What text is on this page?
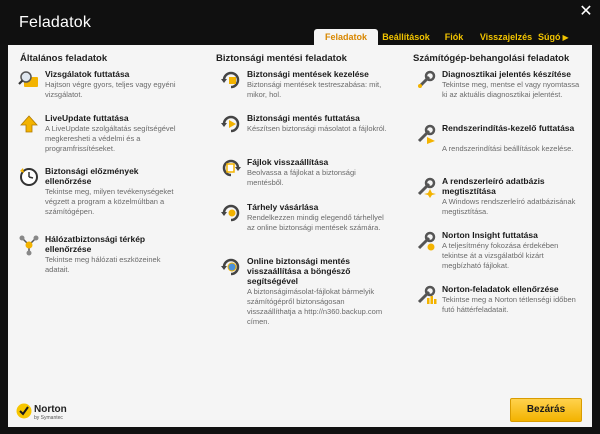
Feladatok
✕
Feladatok	Beállítások	Fiók	Visszajelzés Súgó ▶
Általános feladatok
Vizsgálatok futtatása
Hajtson végre gyors, teljes vagy egyéni vizsgálatot.
LiveUpdate futtatása
A LiveUpdate szolgáltatás segítségével megkeresheti a védelmi és a programfrissítéseket.
Biztonsági előzmények ellenőrzése
Tekintse meg, milyen tevékenységeket végzett a program a közelmúltban a számítógépen.
Hálózatbiztonsági térkép ellenőrzése
Tekintse meg hálózati eszközeinek adatait.
Biztonsági mentési feladatok
Biztonsági mentések kezelése
Biztonsági mentések testreszabása: mit, mikor, hol.
Biztonsági mentés futtatása
Készítsen biztonsági másolatot a fájlokról.
Fájlok visszaállítása
Beolvassa a fájlokat a biztonsági mentésből.
Tárhely vásárlása
Rendelkezzen mindig elegendő tárhellyel az online biztonsági mentések számára.
Online biztonsági mentés visszaállítása a böngésző segítségével
A biztonságimásolat-fájlokat bármelyik számítógépről biztonságosan visszaállíthatja a http://n360.backup.com címen.
Számítógép-behangolási feladatok
Diagnosztikai jelentés készítése
Tekintse meg, mentse el vagy nyomtassa ki az aktuális diagnosztikai jelentést.
Rendszerindítás-kezelő futtatása
A rendszerindítási beállítások kezelése.
A rendszerleíró adatbázis megtisztítása
A Windows rendszerleíró adatbázisának megtisztítása.
Norton Insight futtatása
A teljesítmény fokozása érdekében tekintse át a vizsgálatból kizárt megbízható fájlokat.
Norton-feladatok ellenőrzése
Tekintse meg a Norton tétlenségi időben futó háttérfeladatait.
Norton
by Symantec
Bezárás
